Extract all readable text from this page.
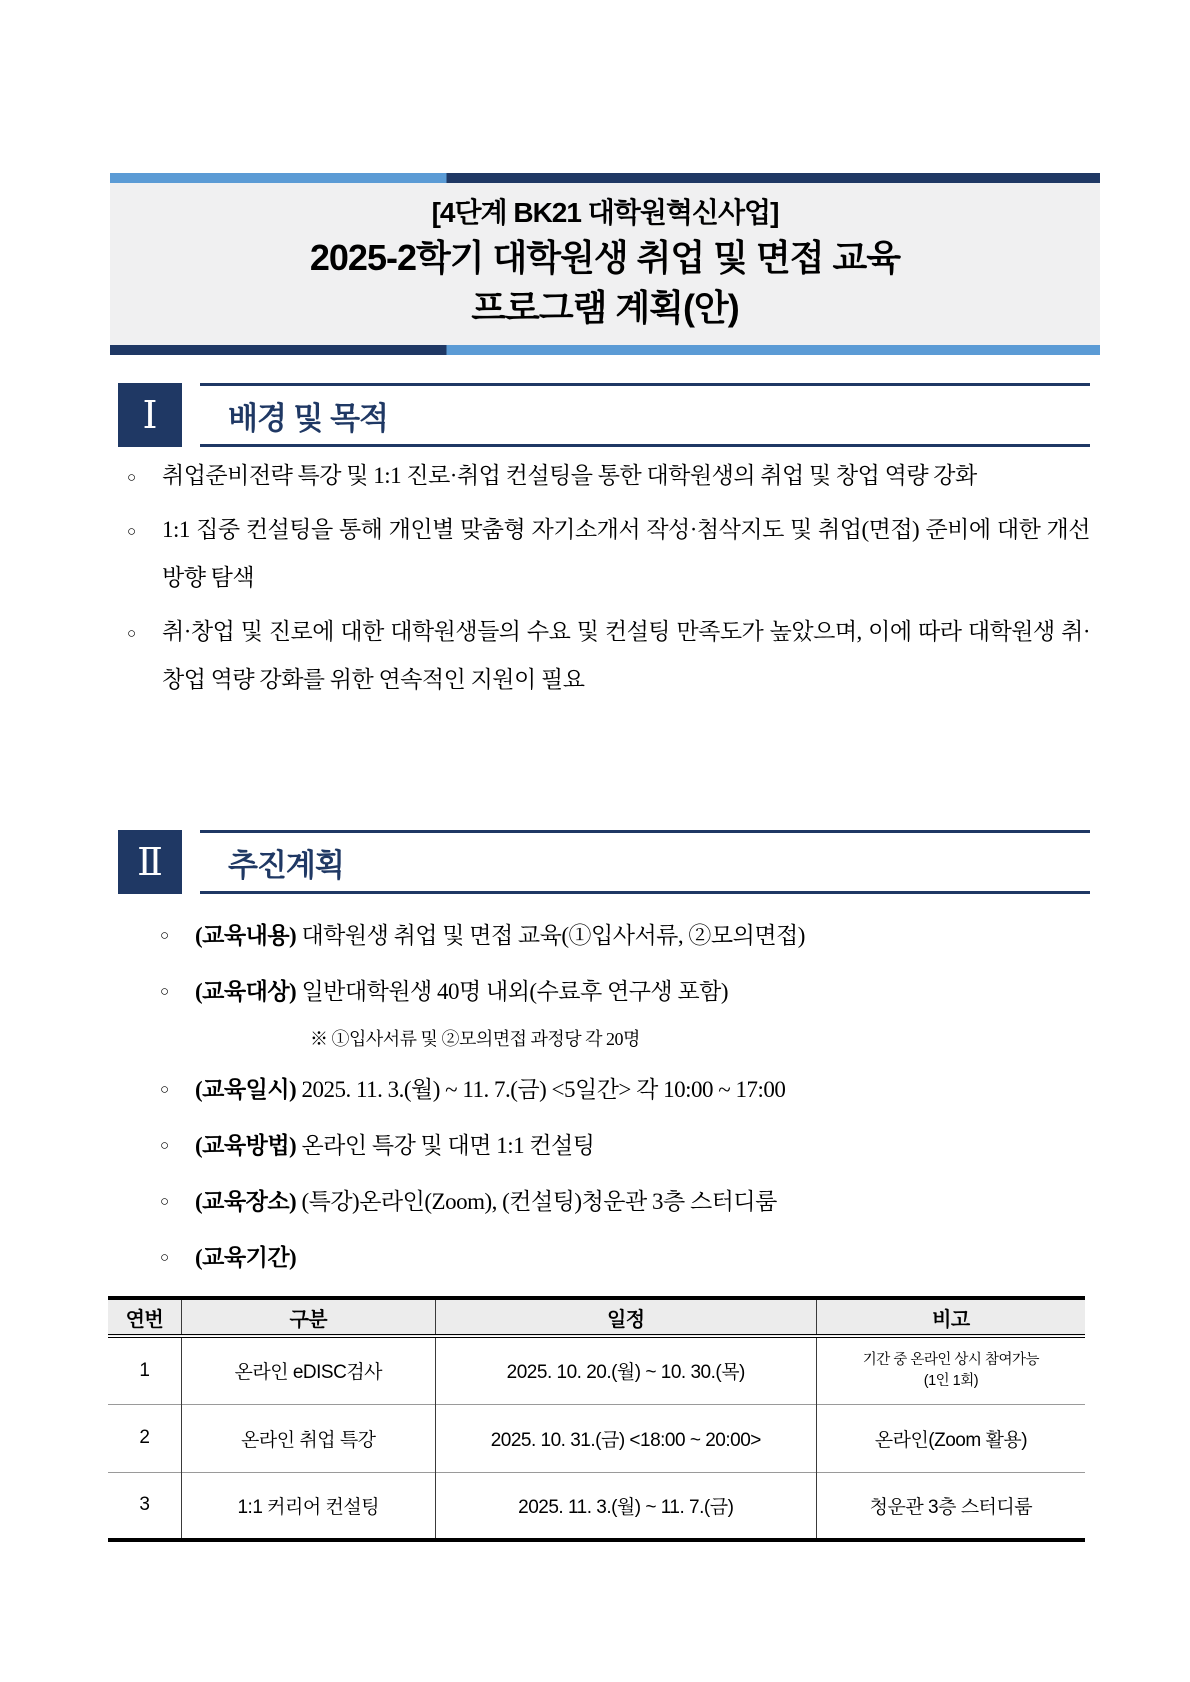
[4단계 BK21 대학원혁신사업]
2025-2학기 대학원생 취업 및 면접 교육
프로그램 계획(안)
Ⅰ	배경 및 목적
○ 취업준비전략 특강 및 1:1 진로·취업 컨설팅을 통한 대학원생의 취업 및 창업 역량 강화
○ 1:1 집중 컨설팅을 통해 개인별 맞춤형 자기소개서 작성·첨삭지도 및 취업(면접) 준비에 대한 개선 방향 탐색
○ 취·창업 및 진로에 대한 대학원생들의 수요 및 컨설팅 만족도가 높았으며, 이에 따라 대학원생 취·창업 역량 강화를 위한 연속적인 지원이 필요
Ⅱ	추진계획
○ (교육내용) 대학원생 취업 및 면접 교육(①입사서류, ②모의면접)
○ (교육대상) 일반대학원생 40명 내외(수료후 연구생 포함)
※ ①입사서류 및 ②모의면접 과정당 각 20명
○ (교육일시) 2025. 11. 3.(월) ~ 11. 7.(금) <5일간> 각 10:00 ~ 17:00
○ (교육방법) 온라인 특강 및 대면 1:1 컨설팅
○ (교육장소) (특강)온라인(Zoom), (컨설팅)청운관 3층 스터디룸
○ (교육기간)
연번	구분	일정	비고
1	온라인 eDISC검사	2025. 10. 20.(월) ~ 10. 30.(목)	기간 중 온라인 상시 참여가능
(1인 1회)

2	온라인 취업 특강	2025. 10. 31.(금) <18:00 ~ 20:00>	온라인(Zoom 활용)
3	1:1 커리어 컨설팅	2025. 11. 3.(월) ~ 11. 7.(금)	청운관 3층 스터디룸
